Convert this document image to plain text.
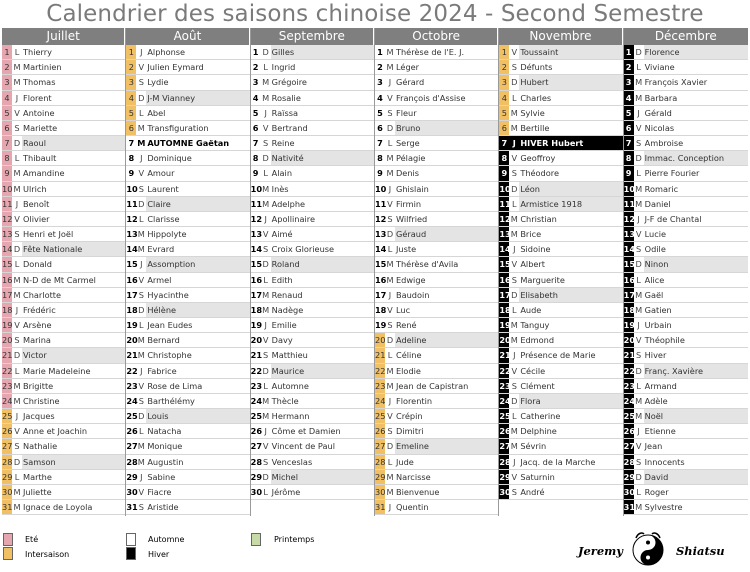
Calendrier des saisons chinoise 2024 - Second Semestre
Juillet
1 L Thierry
2 M Martinien
3 M Thomas
4 J Florent
5 V Antoine
6 S Mariette
7 D Raoul
8 L Thibault
9 M Amandine
10 M Ulrich
11 J Benoît
12 V Olivier
13 S Henri et Joël
14 D Fête Nationale
15 L Donald
16 M N-D de Mt Carmel
17 M Charlotte
18 J Frédéric
19 V Arsène
20 S Marina
21 D Victor
22 L Marie Madeleine
23 M Brigitte
24 M Christine
25 J Jacques
26 V Anne et Joachin
27 S Nathalie
28 D Samson
29 L Marthe
30 M Juliette
31 M Ignace de Loyola
Août
1 J Alphonse
2 V Julien Eymard
3 S Lydie
4 D J-M Vianney
5 L Abel
6 M Transfiguration
7 M AUTOMNE Gaëtan
8 J Dominique
9 V Amour
10 S Laurent
11 D Claire
12 L Clarisse
13 M Hippolyte
14 M Evrard
15 J Assomption
16 V Armel
17 S Hyacinthe
18 D Hélène
19 L Jean Eudes
20 M Bernard
21 M Christophe
22 J Fabrice
23 V Rose de Lima
24 S Barthélémy
25 D Louis
26 L Natacha
27 M Monique
28 M Augustin
29 J Sabine
30 V Fiacre
31 S Aristide
Septembre
1 D Gilles
2 L Ingrid
3 M Grégoire
4 M Rosalie
5 J Raïssa
6 V Bertrand
7 S Reine
8 D Nativité
9 L Alain
10 M Inès
11 M Adelphe
12 J Apollinaire
13 V Aimé
14 S Croix Glorieuse
15 D Roland
16 L Edith
17 M Renaud
18 M Nadège
19 J Emilie
20 V Davy
21 S Matthieu
22 D Maurice
23 L Automne
24 M Thècle
25 M Hermann
26 J Côme et Damien
27 V Vincent de Paul
28 S Venceslas
29 D Michel
30 L Jérôme
Octobre
1 M Thérèse de l'E. J.
2 M Léger
3 J Gérard
4 V François d'Assise
5 S Fleur
6 D Bruno
7 L Serge
8 M Pélagie
9 M Denis
10 J Ghislain
11 V Firmin
12 S Wilfried
13 D Géraud
14 L Juste
15 M Thérèse d'Avila
16 M Edwige
17 J Baudoin
18 V Luc
19 S René
20 D Adeline
21 L Céline
22 M Elodie
23 M Jean de Capistran
24 J Florentin
25 V Crépin
26 S Dimitri
27 D Emeline
28 L Jude
29 M Narcisse
30 M Bienvenue
31 J Quentin
Novembre
1 V Toussaint
2 S Défunts
3 D Hubert
4 L Charles
5 M Sylvie
6 M Bertille
7 J HIVER Hubert
8 V Geoffroy
9 S Théodore
10 D Léon
11 L Armistice 1918
12 M Christian
13 M Brice
14 J Sidoine
15 V Albert
16 S Marguerite
17 D Elisabeth
18 L Aude
19 M Tanguy
20 M Edmond
21 J Présence de Marie
22 V Cécile
23 S Clément
24 D Flora
25 L Catherine
26 M Delphine
27 M Sévrin
28 J Jacq. de la Marche
29 V Saturnin
30 S André
Décembre
1 D Florence
2 L Viviane
3 M François Xavier
4 M Barbara
5 J Gérald
6 V Nicolas
7 S Ambroise
8 D Immac. Conception
9 L Pierre Fourier
10 M Romaric
11 M Daniel
12 J J-F de Chantal
13 V Lucie
14 S Odile
15 D Ninon
16 L Alice
17 M Gaël
18 M Gatien
19 J Urbain
20 V Théophile
21 S Hiver
22 D Franç. Xavière
23 L Armand
24 M Adèle
25 M Noël
26 J Etienne
27 V Jean
28 S Innocents
29 D David
30 L Roger
31 M Sylvestre
Eté
Intersaison
Automne
Hiver
Printemps
Jeremy	Shiatsu
